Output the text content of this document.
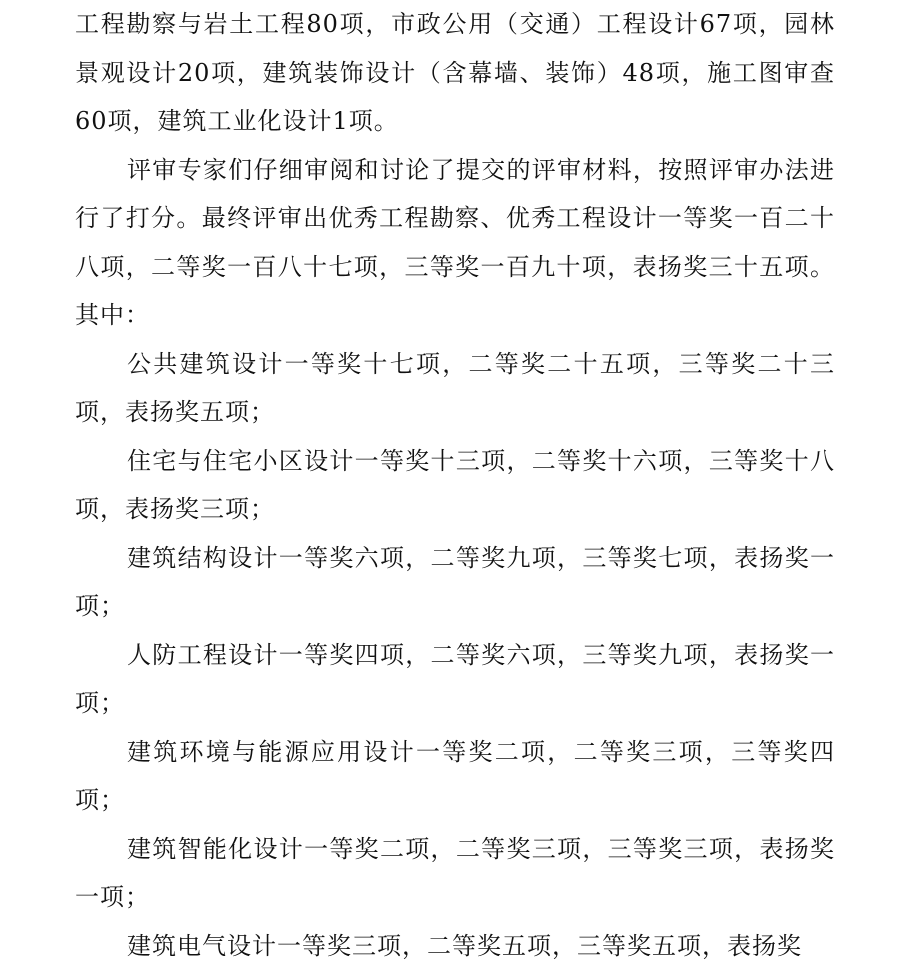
工程勘察与岩土工程80项，市政公用（交通）工程设计67项，园林景观设计20项，建筑装饰设计（含幕墙、装饰）48项，施工图审查60项，建筑工业化设计1项。

评审专家们仔细审阅和讨论了提交的评审材料，按照评审办法进行了打分。最终评审出优秀工程勘察、优秀工程设计一等奖一百二十八项，二等奖一百八十七项，三等奖一百九十项，表扬奖三十五项。其中：

公共建筑设计一等奖十七项，二等奖二十五项，三等奖二十三项，表扬奖五项；

住宅与住宅小区设计一等奖十三项，二等奖十六项，三等奖十八项，表扬奖三项；

建筑结构设计一等奖六项，二等奖九项，三等奖七项，表扬奖一项；

人防工程设计一等奖四项，二等奖六项，三等奖九项，表扬奖一项；

建筑环境与能源应用设计一等奖二项，二等奖三项，三等奖四项；

建筑智能化设计一等奖二项，二等奖三项，三等奖三项，表扬奖一项；

建筑电气设计一等奖三项，二等奖五项，三等奖五项，表扬奖
